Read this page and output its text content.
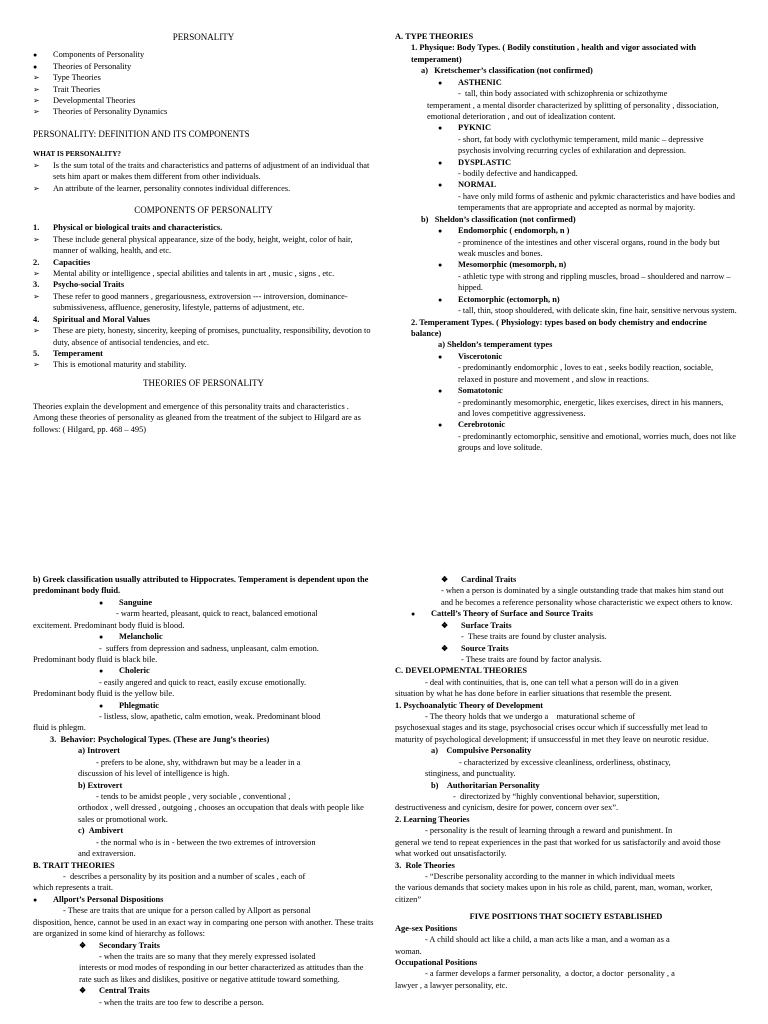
PERSONALITY
●
Components of Personality
●
Theories of Personality
➢
Type Theories
➢
Trait Theories
➢
Developmental Theories
➢
Theories of Personality Dynamics
PERSONALITY: DEFINITION AND ITS COMPONENTS
WHAT IS PERSONALITY?
➢
Is the sum total of the traits and characteristics and patterns of adjustment of an individual that sets him apart or makes them different from other individuals.
➢
An attribute of the learner, personality connotes individual differences.
COMPONENTS OF PERSONALITY
1. Physical or biological traits and characteristics.
➢
These include general physical appearance, size of the body, height, weight, color of hair, manner of walking, health, and etc.
2. Capacities
➢
Mental ability or intelligence , special abilities and talents in art , music , signs , etc.
3. Psycho-social Traits
➢
These refer to good manners , gregariousness, extroversion --- introversion, dominance-submissiveness, affluence, generosity, lifestyle, patterns of adjustment, etc.
4. Spiritual and Moral Values
➢
These are piety, honesty, sincerity, keeping of promises, punctuality, responsibility, devotion to duty, absence of antisocial tendencies, and etc.
5. Temperament
➢
This is emotional maturity and stability.
THEORIES OF PERSONALITY

Theories explain the development and emergence of this personality traits and characteristics . Among these theories of personality as gleaned from the treatment of the subject to Hilgard are as follows: ( Hilgard, pp. 468 – 495)

A. TYPE THEORIES
1. Physique: Body Types. ( Bodily constitution , health and vigor associated with temperament)
a)   Kretschemer’s classification (not confirmed)
●
ASTHENIC
-  tall, thin body associated with schizophrenia or schizothyme
temperament , a mental disorder characterized by splitting of personality , dissociation, emotional deterioration , and out of idealization content.
●
PYKNIC
- short, fat body with cyclothymic temperament, mild manic – depressive psychosis involving recurring cycles of exhilaration and depression.
●
DYSPLASTIC
- bodily defective and handicapped.
●
NORMAL
- have only mild forms of asthenic and pykmic characteristics and have bodies and temperaments that are appropriate and accepted as normal by majority.
b)   Sheldon’s classification (not confirmed)
●
Endomorphic ( endomorph, n )
- prominence of the intestines and other visceral organs, round in the body but weak muscles and bones.
●
Mesomorphic (mesomorph, n)
- athletic type with strong and rippling muscles, broad – shouldered and narrow – hipped.
●
Ectomorphic (ectomorph, n)
- tall, thin, stoop shouldered, with delicate skin, fine hair, sensitive nervous system.
2. Temperament Types. ( Physiology: types based on body chemistry and endocrine balance)
a) Sheldon’s temperament types
●
Viscerotonic
- predominantly endomorphic , loves to eat , seeks bodily reaction, sociable, relaxed in posture and movement , and slow in reactions.
●
Somatotonic
- predominantly mesomorphic, energetic, likes exercises, direct in his manners, and loves competitive aggressiveness.
●
Cerebrotonic
- predominantly ectomorphic, sensitive and emotional, worries much, does not like groups and love solitude.
b) Greek classification usually attributed to Hippocrates. Temperament is dependent upon the predominant body fluid.
●
Sanguine
- warm hearted, pleasant, quick to react, balanced emotional
excitement. Predominant body fluid is blood.
●
Melancholic
-  suffers from depression and sadness, unpleasant, calm emotion.
Predominant body fluid is black bile.
●
Choleric
- easily angered and quick to react, easily excuse emotionally.
Predominant body fluid is the yellow bile.
●
Phlegmatic
- listless, slow, apathetic, calm emotion, weak. Predominant blood
fluid is phlegm.
3.  Behavior: Psychological Types. (These are Jung’s theories)
a) Introvert
- prefers to be alone, shy, withdrawn but may be a leader in a
discussion of his level of intelligence is high.
b) Extrovert
- tends to be amidst people , very sociable , conventional ,
orthodox , well dressed , outgoing , chooses an occupation that deals with people like sales or promotional work.
c)  Ambivert
- the normal who is in - between the two extremes of introversion
and extraversion.
B. TRAIT THEORIES
-  describes a personality by its position and a number of scales , each of
which represents a trait.
●
Allport’s Personal Dispositions
- These are traits that are unique for a person called by Allport as personal
disposition, hence, cannot be used in an exact way in comparing one person with another. These traits are organized in some kind of hierarchy as follows:
❖
Secondary Traits
- when the traits are so many that they merely expressed isolated
interests or mod modes of responding in our better characterized as attitudes than the rate such as likes and dislikes, positive or negative attitude toward something.
❖
Central Traits
- when the traits are too few to describe a person.
❖
Cardinal Traits
- when a person is dominated by a single outstanding trade that makes him stand out and he becomes a reference personality whose characteristic we expect others to know.
●
Cattell’s Theory of Surface and Source Traits
❖
Surface Traits
-  These traits are found by cluster analysis.
❖
Source Traits
- These traits are found by factor analysis.
C. DEVELOPMENTAL THEORIES
- deal with continuities, that is, one can tell what a person will do in a given
situation by what he has done before in earlier situations that resemble the present.
1. Psychoanalytic Theory of Development
- The theory holds that we undergo a    maturational scheme of
psychosexual stages and its stage, psychosocial crises occur which if successfully met lead to maturity of psychological development; if unsuccessful in met they leave on neurotic residue.
a)    Compulsive Personality
- characterized by excessive cleanliness, orderliness, obstinacy,
stinginess, and punctuality.
b)    Authoritarian Personality
-  directorized by “highly conventional behavior, superstition,
destructiveness and cynicism, desire for power, concern over sex”.
2. Learning Theories
- personality is the result of learning through a reward and punishment. In
general we tend to repeat experiences in the past that worked for us satisfactorily and avoid those what worked out unsatisfactorily.
3.  Role Theories
- “Describe personality according to the manner in which individual meets
the various demands that society makes upon in his role as child, parent, man, woman, worker, citizen”
FIVE POSITIONS THAT SOCIETY ESTABLISHED
Age-sex Positions
- A child should act like a child, a man acts like a man, and a woman as a
woman.
Occupational Positions
- a farmer develops a farmer personality,  a doctor, a doctor  personality , a
lawyer , a lawyer personality, etc.
